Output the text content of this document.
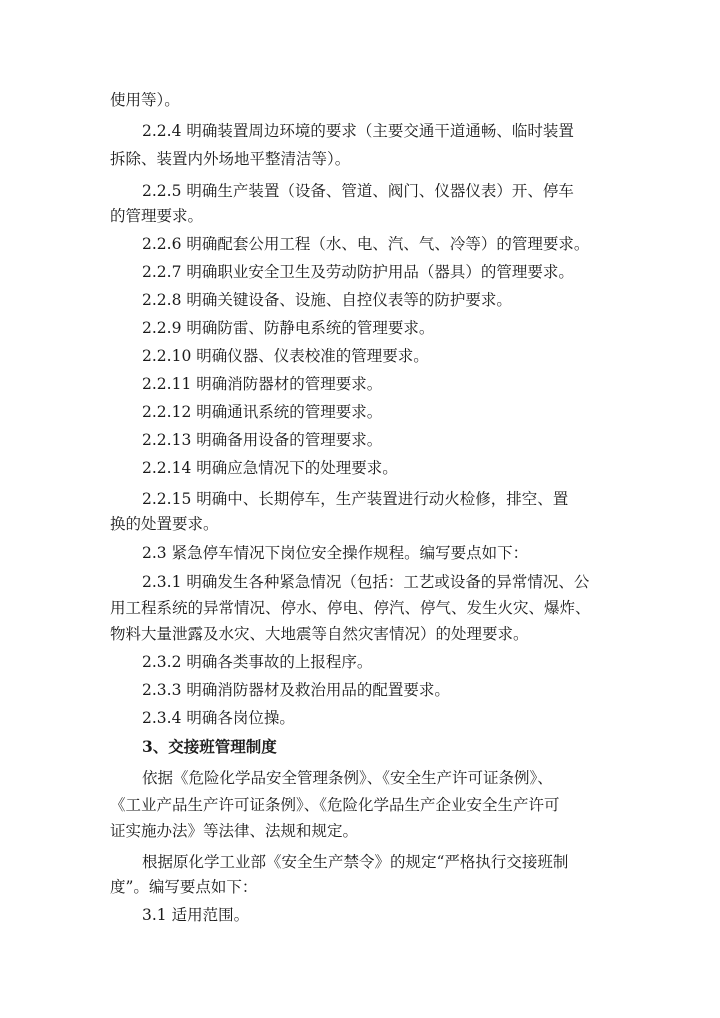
使用等）。
2.2.4 明确装置周边环境的要求（主要交通干道通畅、临时装置
拆除、装置内外场地平整清洁等）。
2.2.5 明确生产装置（设备、管道、阀门、仪器仪表）开、停车
的管理要求。
2.2.6 明确配套公用工程（水、电、汽、气、冷等）的管理要求。
2.2.7 明确职业安全卫生及劳动防护用品（器具）的管理要求。
2.2.8 明确关键设备、设施、自控仪表等的防护要求。
2.2.9 明确防雷、防静电系统的管理要求。
2.2.10 明确仪器、仪表校准的管理要求。
2.2.11 明确消防器材的管理要求。
2.2.12 明确通讯系统的管理要求。
2.2.13 明确备用设备的管理要求。
2.2.14 明确应急情况下的处理要求。
2.2.15 明确中、长期停车，生产装置进行动火检修，排空、置
换的处置要求。
2.3 紧急停车情况下岗位安全操作规程。编写要点如下：
2.3.1 明确发生各种紧急情况（包括：工艺或设备的异常情况、公
用工程系统的异常情况、停水、停电、停汽、停气、发生火灾、爆炸、
物料大量泄露及水灾、大地震等自然灾害情况）的处理要求。
2.3.2 明确各类事故的上报程序。
2.3.3 明确消防器材及救治用品的配置要求。
2.3.4 明确各岗位操。
3、交接班管理制度
依据《危险化学品安全管理条例》、《安全生产许可证条例》、
《工业产品生产许可证条例》、《危险化学品生产企业安全生产许可
证实施办法》等法律、法规和规定。
根据原化学工业部《安全生产禁令》的规定“严格执行交接班制
度”。编写要点如下：
3.1 适用范围。
